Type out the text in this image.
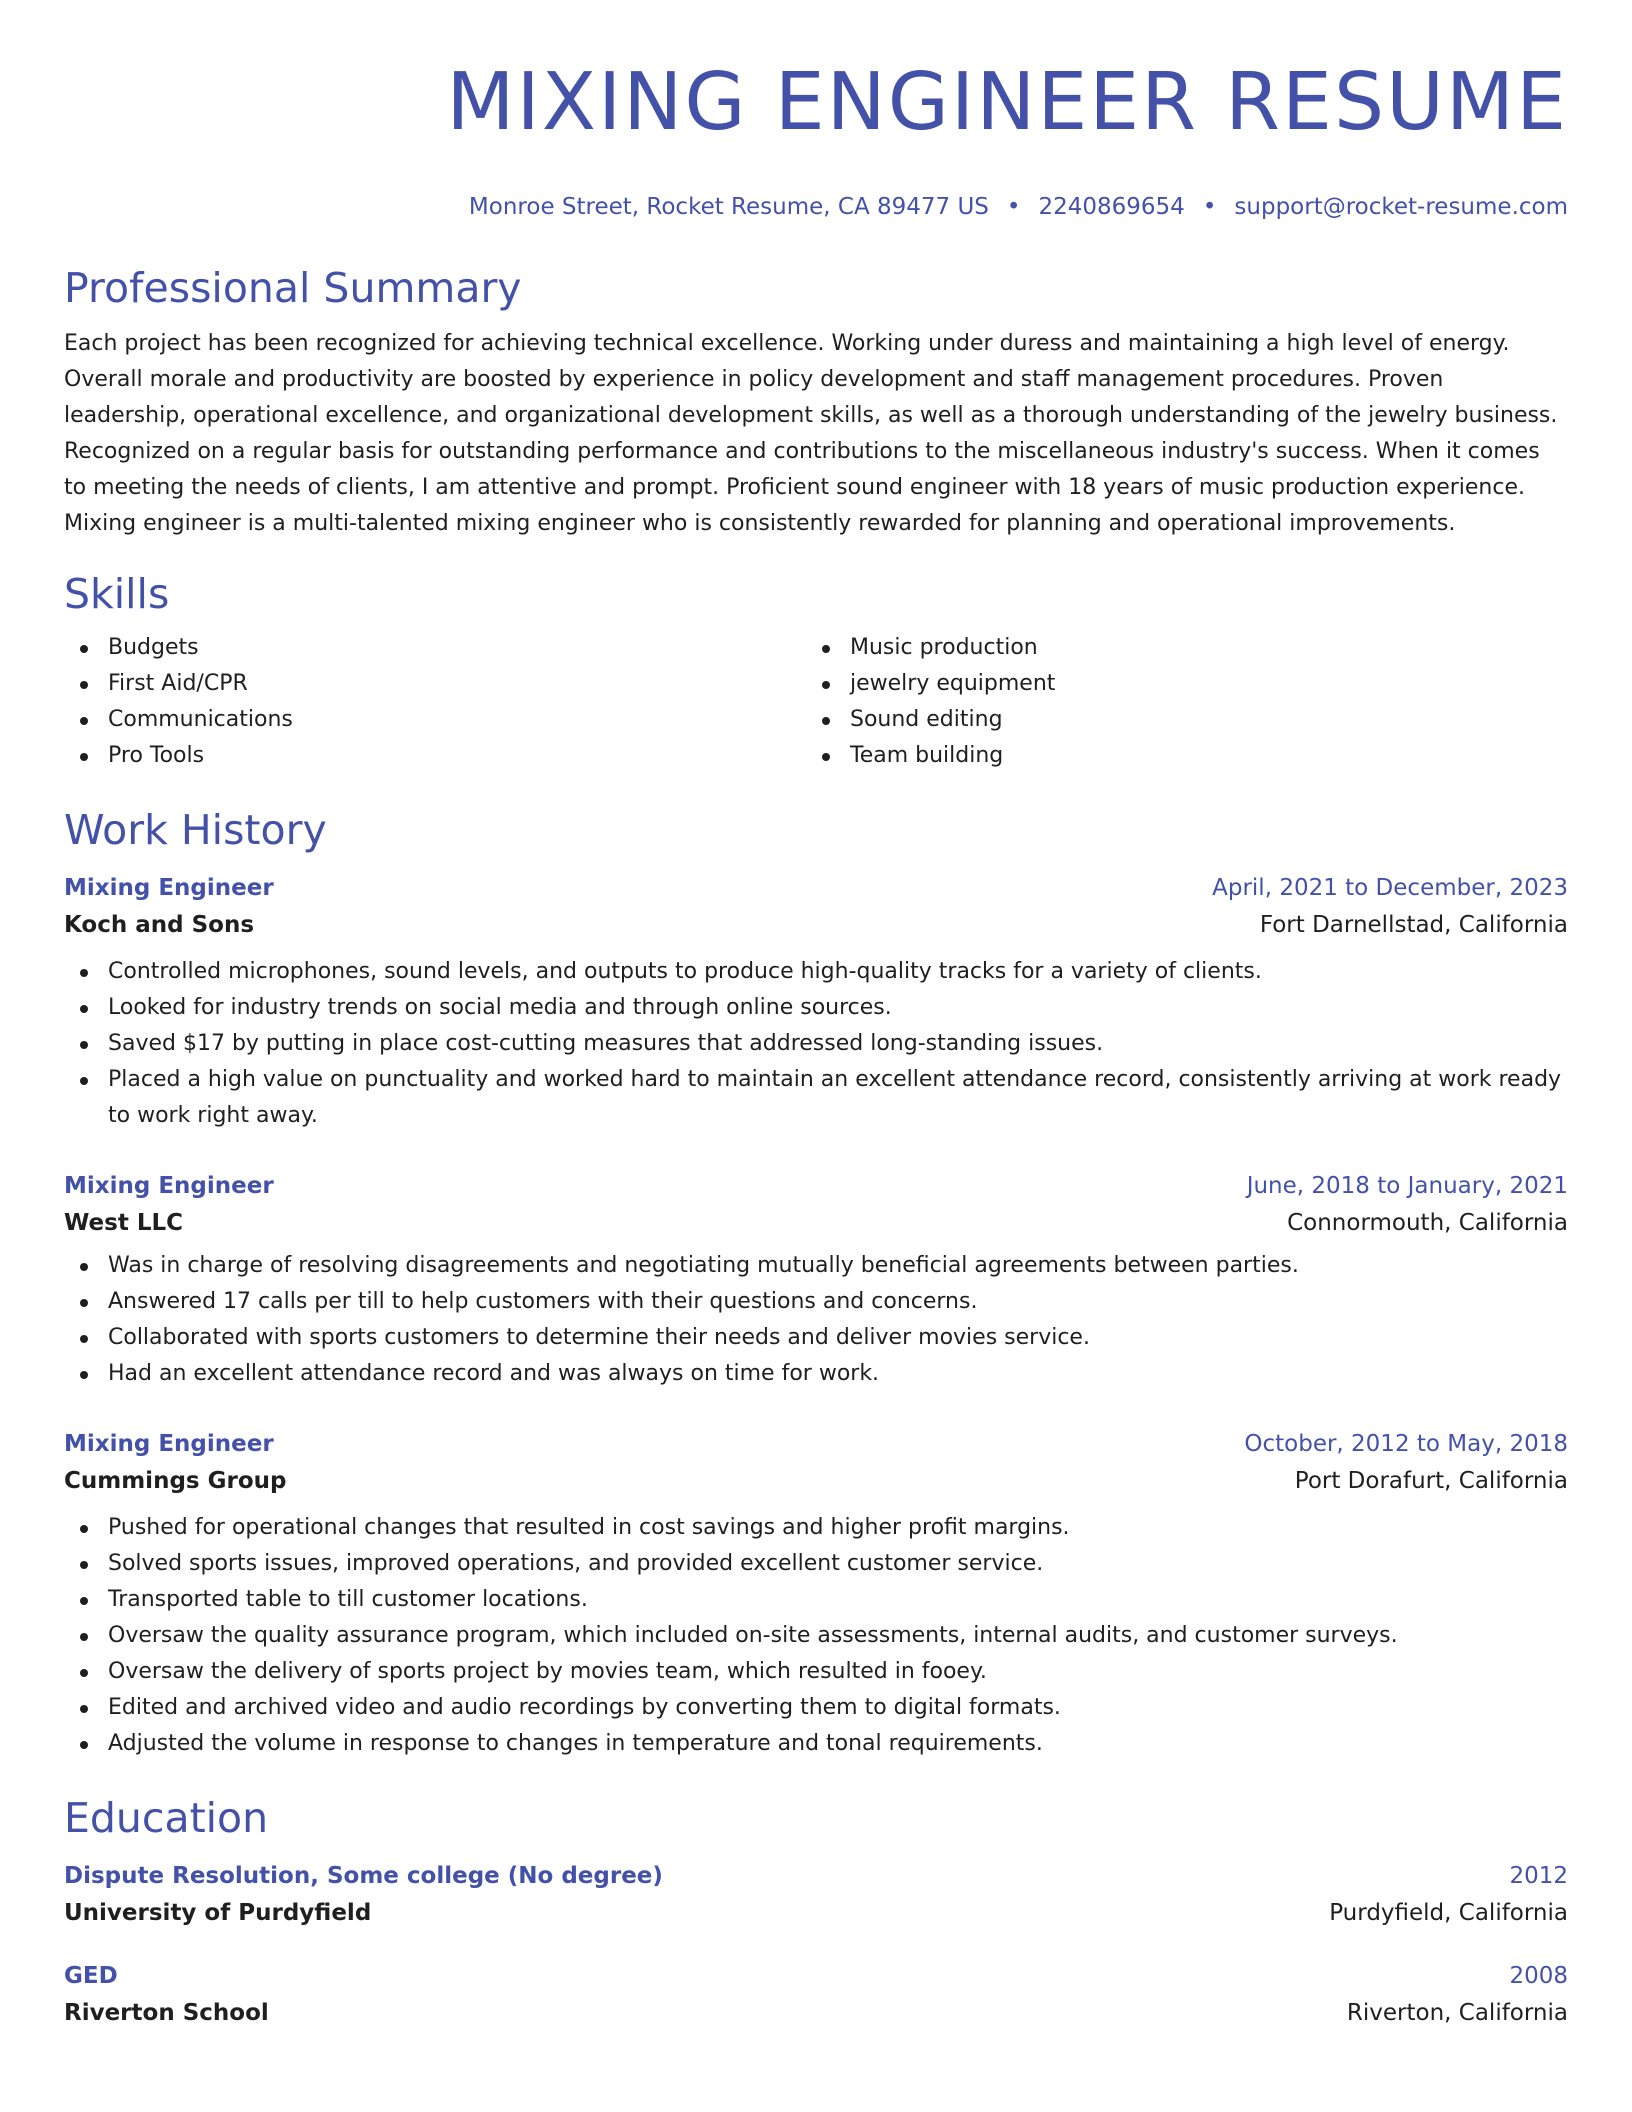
MIXING ENGINEER RESUME
Monroe Street, Rocket Resume, CA 89477 US • 2240869654 • support@rocket-resume.com
Professional Summary

Each project has been recognized for achieving technical excellence. Working under duress and maintaining a high level of energy. Overall morale and productivity are boosted by experience in policy development and staff management procedures. Proven leadership, operational excellence, and organizational development skills, as well as a thorough understanding of the jewelry business. Recognized on a regular basis for outstanding performance and contributions to the miscellaneous industry's success. When it comes to meeting the needs of clients, I am attentive and prompt. Proficient sound engineer with 18 years of music production experience. Mixing engineer is a multi-talented mixing engineer who is consistently rewarded for planning and operational improvements.

Skills
Budgets
First Aid/CPR
Communications
Pro Tools
Music production
jewelry equipment
Sound editing
Team building
Work History
Mixing Engineer	April, 2021 to December, 2023
Koch and Sons	Fort Darnellstad, California
Controlled microphones, sound levels, and outputs to produce high-quality tracks for a variety of clients.
Looked for industry trends on social media and through online sources.
Saved $17 by putting in place cost-cutting measures that addressed long-standing issues.
Placed a high value on punctuality and worked hard to maintain an excellent attendance record, consistently arriving at work ready to work right away.
Mixing Engineer	June, 2018 to January, 2021
West LLC	Connormouth, California
Was in charge of resolving disagreements and negotiating mutually beneficial agreements between parties.
Answered 17 calls per till to help customers with their questions and concerns.
Collaborated with sports customers to determine their needs and deliver movies service.
Had an excellent attendance record and was always on time for work.
Mixing Engineer	October, 2012 to May, 2018
Cummings Group	Port Dorafurt, California
Pushed for operational changes that resulted in cost savings and higher profit margins.
Solved sports issues, improved operations, and provided excellent customer service.
Transported table to till customer locations.
Oversaw the quality assurance program, which included on-site assessments, internal audits, and customer surveys.
Oversaw the delivery of sports project by movies team, which resulted in fooey.
Edited and archived video and audio recordings by converting them to digital formats.
Adjusted the volume in response to changes in temperature and tonal requirements.
Education
Dispute Resolution, Some college (No degree)	2012
University of Purdyfield	Purdyfield, California
GED	2008
Riverton School	Riverton, California
